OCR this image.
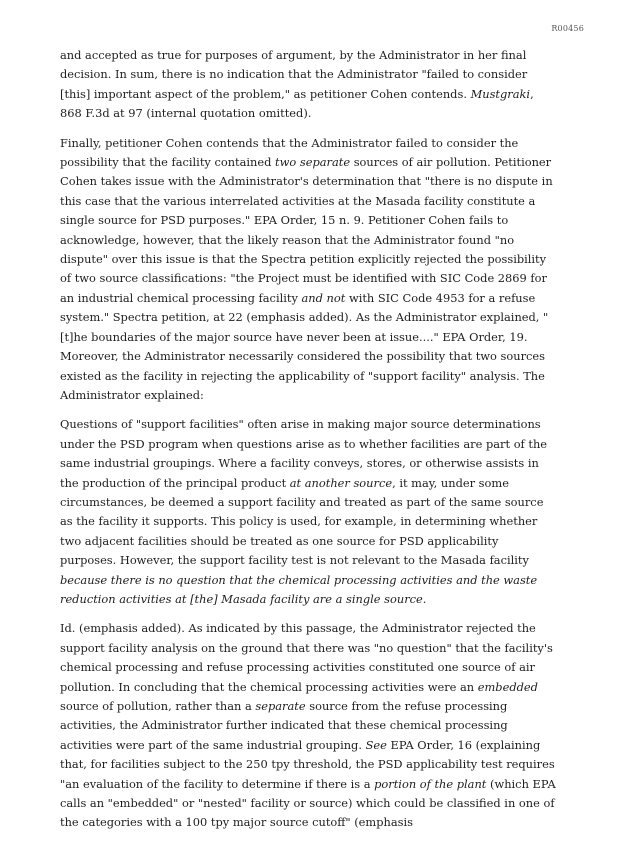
R00456

and accepted as true for purposes of argument, by the Administrator in her final decision. In sum, there is no indication that the Administrator "failed to consider [this] important aspect of the problem," as petitioner Cohen contends. Mustgraki, 868 F.3d at 97 (internal quotation omitted).

Finally, petitioner Cohen contends that the Administrator failed to consider the possibility that the facility contained two separate sources of air pollution. Petitioner Cohen takes issue with the Administrator's determination that "there is no dispute in this case that the various interrelated activities at the Masada facility constitute a single source for PSD purposes." EPA Order, 15 n. 9. Petitioner Cohen fails to acknowledge, however, that the likely reason that the Administrator found "no dispute" over this issue is that the Spectra petition explicitly rejected the possibility of two source classifications: "the Project must be identified with SIC Code 2869 for an industrial chemical processing facility and not with SIC Code 4953 for a refuse system." Spectra petition, at 22 (emphasis added). As the Administrator explained, "[t]he boundaries of the major source have never been at issue...." EPA Order, 19. Moreover, the Administrator necessarily considered the possibility that two sources existed as the facility in rejecting the applicability of "support facility" analysis. The Administrator explained:

Questions of "support facilities" often arise in making major source determinations under the PSD program when questions arise as to whether facilities are part of the same industrial groupings. Where a facility conveys, stores, or otherwise assists in the production of the principal product at another source, it may, under some circumstances, be deemed a support facility and treated as part of the same source as the facility it supports. This policy is used, for example, in determining whether two adjacent facilities should be treated as one source for PSD applicability purposes. However, the support facility test is not relevant to the Masada facility because there is no question that the chemical processing activities and the waste reduction activities at [the] Masada facility are a single source.

Id. (emphasis added). As indicated by this passage, the Administrator rejected the support facility analysis on the ground that there was "no question" that the facility's chemical processing and refuse processing activities constituted one source of air pollution. In concluding that the chemical processing activities were an embedded source of pollution, rather than a separate source from the refuse processing activities, the Administrator further indicated that these chemical processing activities were part of the same industrial grouping. See EPA Order, 16 (explaining that, for facilities subject to the 250 tpy threshold, the PSD applicability test requires "an evaluation of the facility to determine if there is a portion of the plant (which EPA calls an "embedded" or "nested" facility or source) which could be classified in one of the categories with a 100 tpy major source cutoff" (emphasis
